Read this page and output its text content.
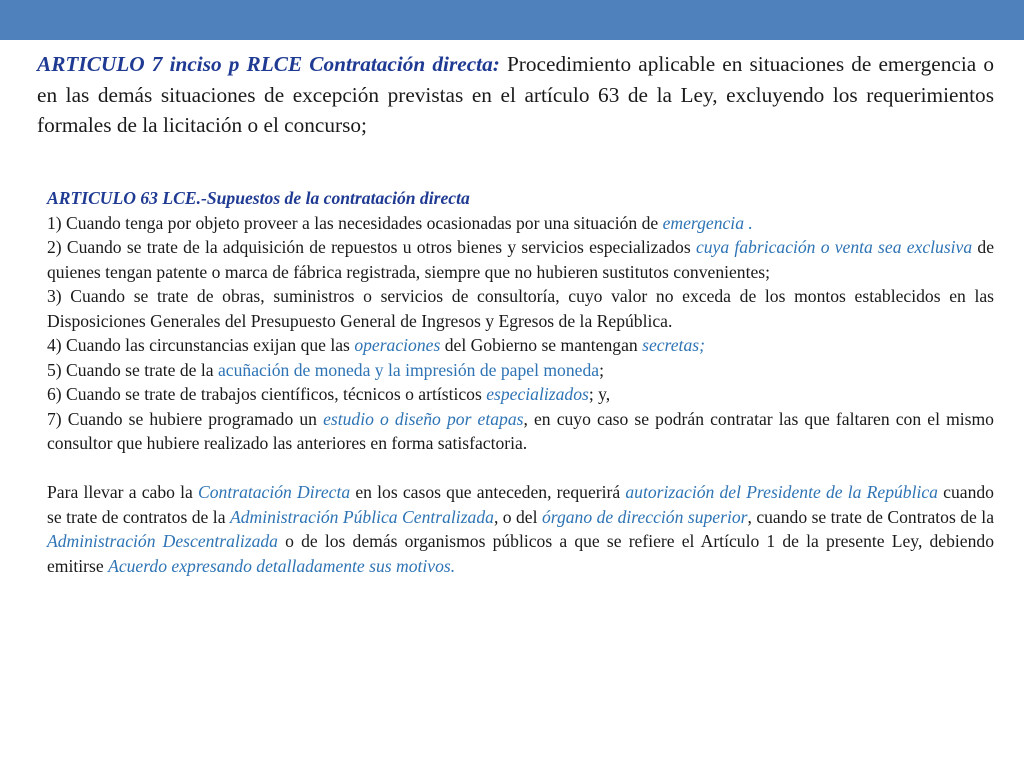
ARTICULO 7 inciso p RLCE Contratación directa: Procedimiento aplicable en situaciones de emergencia o en las demás situaciones de excepción previstas en el artículo 63 de la Ley, excluyendo los requerimientos formales de la licitación o el concurso;

ARTICULO 63 LCE.-Supuestos de la contratación directa

1) Cuando tenga por objeto proveer a las necesidades ocasionadas por una situación de emergencia .

2) Cuando se trate de la adquisición de repuestos u otros bienes y servicios especializados cuya fabricación o venta sea exclusiva de quienes tengan patente o marca de fábrica registrada, siempre que no hubieren sustitutos convenientes;

3) Cuando se trate de obras, suministros o servicios de consultoría, cuyo valor no exceda de los montos establecidos en las Disposiciones Generales del Presupuesto General de Ingresos y Egresos de la República.

4) Cuando las circunstancias exijan que las operaciones del Gobierno se mantengan secretas;

5) Cuando se trate de la acuñación de moneda y la impresión de papel moneda;

6) Cuando se trate de trabajos científicos, técnicos o artísticos especializados; y,

7) Cuando se hubiere programado un estudio o diseño por etapas, en cuyo caso se podrán contratar las que faltaren con el mismo consultor que hubiere realizado las anteriores en forma satisfactoria.

Para llevar a cabo la Contratación Directa en los casos que anteceden, requerirá autorización del Presidente de la República cuando se trate de contratos de la Administración Pública Centralizada, o del órgano de dirección superior, cuando se trate de Contratos de la Administración Descentralizada o de los demás organismos públicos a que se refiere el Artículo 1 de la presente Ley, debiendo emitirse Acuerdo expresando detalladamente sus motivos.
